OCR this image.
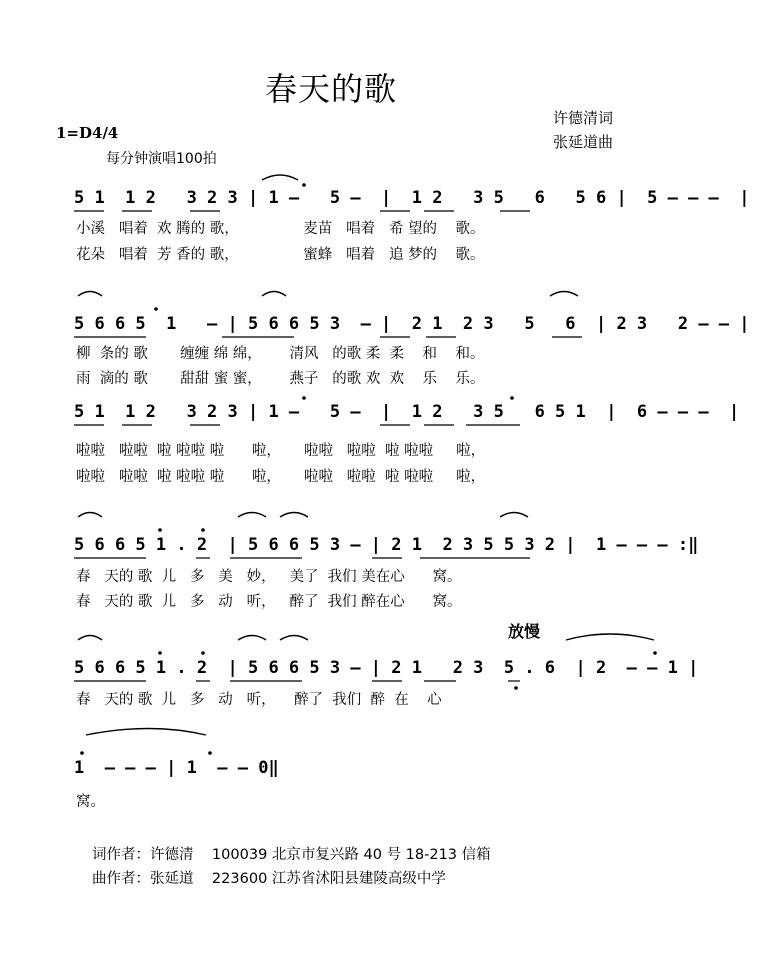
春天的歌
许德清词
张延道曲
1=D4/4
每分钟演唱100拍
5 1  1 2   3 2 3 | 1 —   5 —  |  1 2   3 5   6   5 6 |  5 — — —  |
小溪   唱着  欢 腾的 歌，              麦苗   唱着   希 望的    歌。
花朵   唱着  芳 香的 歌，              蜜蜂   唱着   追 梦的    歌。
5 6 6 5  1   — | 5 6 6 5 3  — |  2 1  2 3   5   6  | 2 3   2 — — |
柳  条的 歌       缠缠 绵 绵，      清风   的歌 柔  柔    和    和。
雨  滴的 歌       甜甜 蜜 蜜，      燕子   的歌 欢  欢    乐    乐。
5 1  1 2   3 2 3 | 1 —   5 —  |  1 2   3 5   6 5 1  |  6 — — —  |
啦啦   啦啦  啦 啦啦 啦      啦，     啦啦   啦啦  啦 啦啦     啦，
啦啦   啦啦  啦 啦啦 啦      啦，     啦啦   啦啦  啦 啦啦     啦，
5 6 6 5 1 . 2  | 5 6 6 5 3 — | 2 1  2 3 5 5 3 2 |  1 — — — :‖
春   天的 歌  儿   多   美   妙，   美了  我们 美在心      窝。
春   天的 歌  儿   多   动   听，   醉了  我们 醉在心      窝。
放慢
5 6 6 5 1 . 2  | 5 6 6 5 3 — | 2 1   2 3  5 . 6  | 2  — — 1 |
春   天的 歌  儿   多   动   听，    醉了  我们  醉  在    心
1  — — — | 1  — — 0‖
窝。
词作者：许德清    100039 北京市复兴路 40 号 18-213 信箱
曲作者：张延道    223600 江苏省沭阳县建陵高级中学
